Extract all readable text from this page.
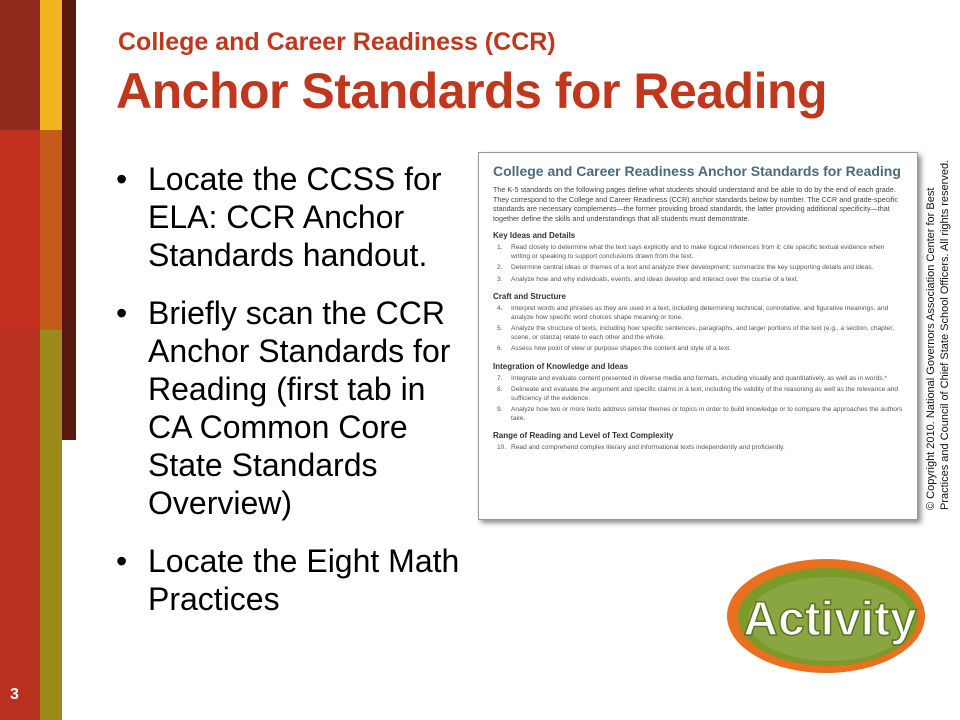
3
College and Career Readiness (CCR)
Anchor Standards for Reading
• Locate the CCSS for ELA: CCR Anchor Standards handout.
• Briefly scan the CCR Anchor Standards for Reading (first tab in CA Common Core State Standards Overview)
• Locate the Eight Math Practices
College and Career Readiness Anchor Standards for Reading
The K-5 standards on the following pages define what students should understand and be able to do by the end of each grade. They correspond to the College and Career Readiness (CCR) anchor standards below by number. The CCR and grade-specific standards are necessary complements—the former providing broad standards, the latter providing additional specificity—that together define the skills and understandings that all students must demonstrate.
Key Ideas and Details
1. Read closely to determine what the text says explicitly and to make logical inferences from it; cite specific textual evidence when writing or speaking to support conclusions drawn from the text.
2. Determine central ideas or themes of a text and analyze their development; summarize the key supporting details and ideas.
3. Analyze how and why individuals, events, and ideas develop and interact over the course of a text.
Craft and Structure
4. Interpret words and phrases as they are used in a text, including determining technical, connotative, and figurative meanings, and analyze how specific word choices shape meaning or tone.
5. Analyze the structure of texts, including how specific sentences, paragraphs, and larger portions of the text (e.g., a section, chapter, scene, or stanza) relate to each other and the whole.
6. Assess how point of view or purpose shapes the content and style of a text.
Integration of Knowledge and Ideas
7. Integrate and evaluate content presented in diverse media and formats, including visually and quantitatively, as well as in words.*
8. Delineate and evaluate the argument and specific claims in a text, including the validity of the reasoning as well as the relevance and sufficiency of the evidence.
9. Analyze how two or more texts address similar themes or topics in order to build knowledge or to compare the approaches the authors take.
Range of Reading and Level of Text Complexity
10. Read and comprehend complex literary and informational texts independently and proficiently.	© Copyright 2010. National Governors Association Center for Best Practices and Council of Chief State School Officers. All rights reserved.
Activity
